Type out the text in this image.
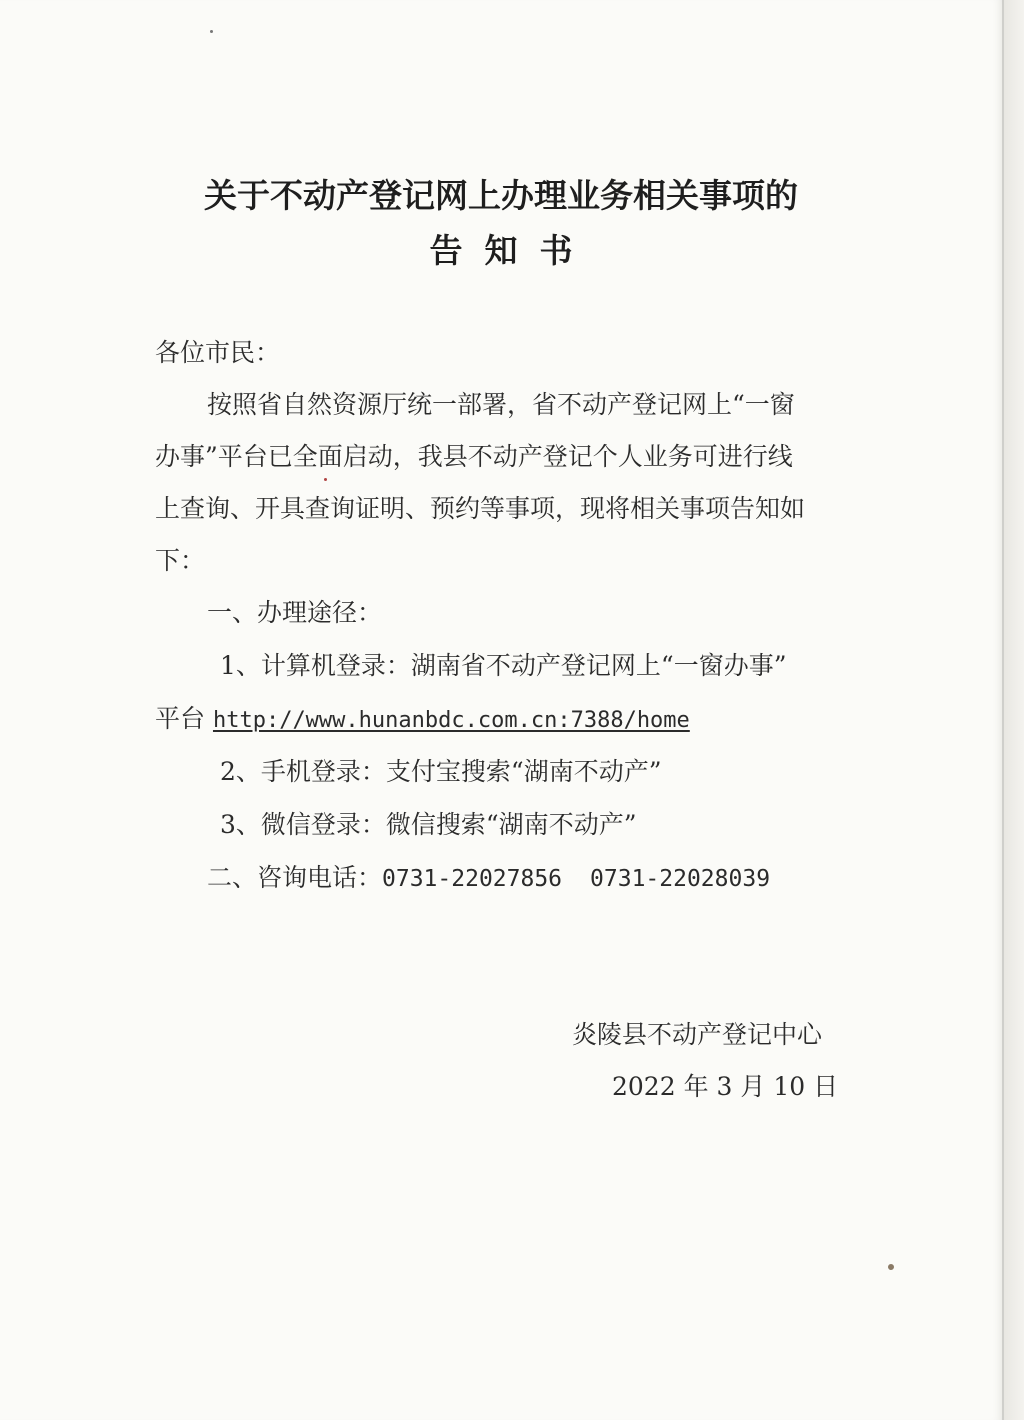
关于不动产登记网上办理业务相关事项的
告知书
各位市民：
按照省自然资源厅统一部署，省不动产登记网上“一窗
办事”平台已全面启动，我县不动产登记个人业务可进行线
上查询、开具查询证明、预约等事项，现将相关事项告知如
下：
一、办理途径：
1、计算机登录：湖南省不动产登记网上“一窗办事”
平台 http://www.hunanbdc.com.cn:7388/home
2、手机登录：支付宝搜索“湖南不动产”
3、微信登录：微信搜索“湖南不动产”
二、咨询电话：0731-22027856 0731-22028039
炎陵县不动产登记中心
2022 年 3 月 10 日
